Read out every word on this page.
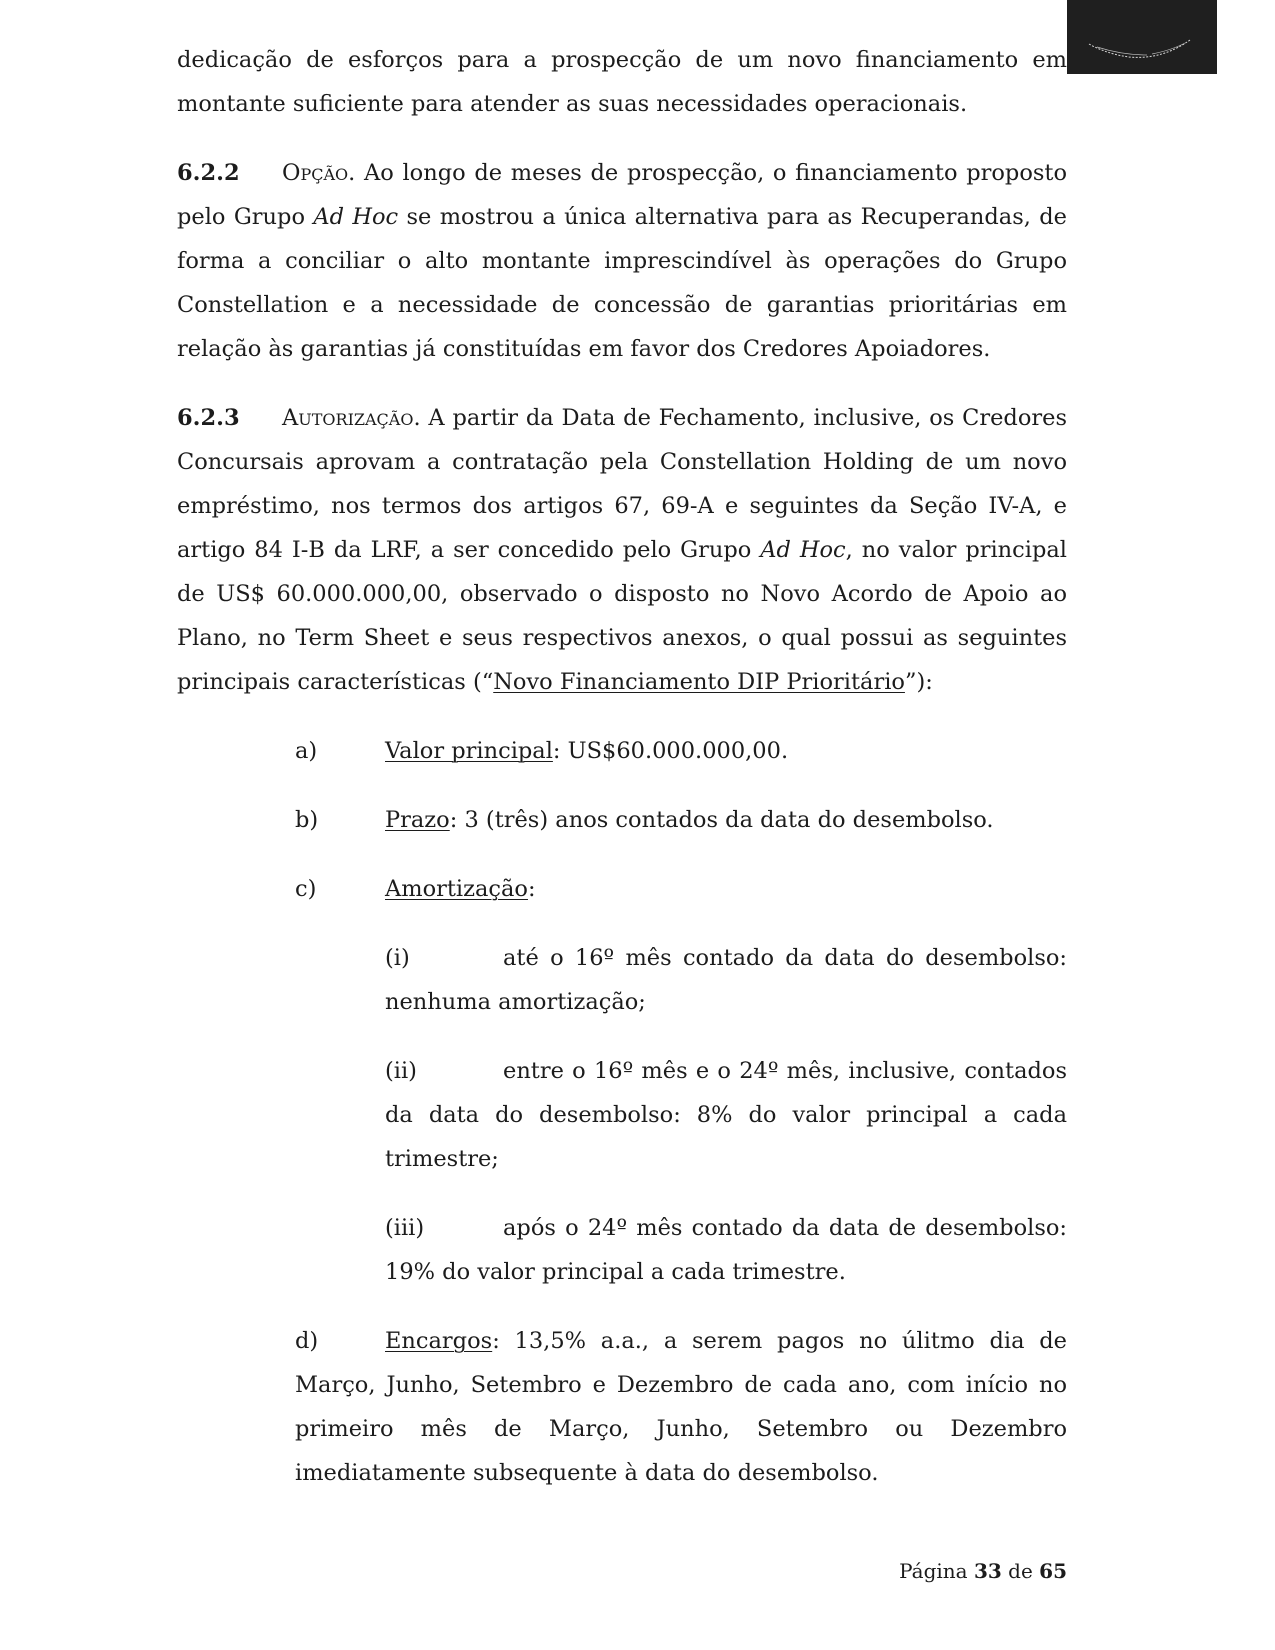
dedicação de esforços para a prospecção de um novo financiamento em montante suficiente para atender as suas necessidades operacionais.

6.2.2 Opção. Ao longo de meses de prospecção, o financiamento proposto pelo Grupo Ad Hoc se mostrou a única alternativa para as Recuperandas, de forma a conciliar o alto montante imprescindível às operações do Grupo Constellation e a necessidade de concessão de garantias prioritárias em relação às garantias já constituídas em favor dos Credores Apoiadores.

6.2.3 Autorização. A partir da Data de Fechamento, inclusive, os Credores Concursais aprovam a contratação pela Constellation Holding de um novo empréstimo, nos termos dos artigos 67, 69-A e seguintes da Seção IV-A, e artigo 84 I-B da LRF, a ser concedido pelo Grupo Ad Hoc, no valor principal de US$ 60.000.000,00, observado o disposto no Novo Acordo de Apoio ao Plano, no Term Sheet e seus respectivos anexos, o qual possui as seguintes principais características (“Novo Financiamento DIP Prioritário”):

a)	Valor principal: US$60.000.000,00.

b)	Prazo: 3 (três) anos contados da data do desembolso.

c)	Amortização:

(i)	até o 16º mês contado da data do desembolso: nenhuma amortização;

(ii)	entre o 16º mês e o 24º mês, inclusive, contados da data do desembolso: 8% do valor principal a cada trimestre;

(iii)	após o 24º mês contado da data de desembolso: 19% do valor principal a cada trimestre.

d)	Encargos: 13,5% a.a., a serem pagos no úlitmo dia de Março, Junho, Setembro e Dezembro de cada ano, com início no primeiro mês de Março, Junho, Setembro ou Dezembro imediatamente subsequente à data do desembolso.

Página 33 de 65
